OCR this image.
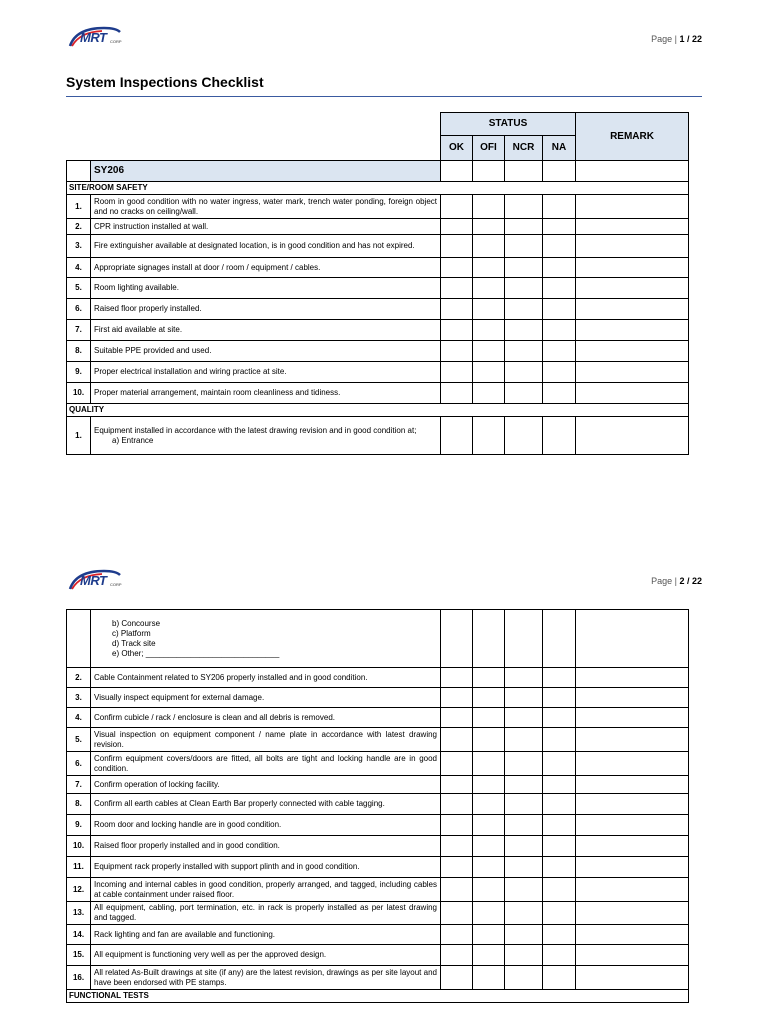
MRT CORP	Page | 1 / 22
System Inspections Checklist
		STATUS				REMARK
		OK	OFI	NCR	NA	
	SY206					
SITE/ROOM SAFETY						
1.	Room in good condition with no water ingress, water mark, trench water ponding, foreign object and no cracks on ceiling/wall.					
2.	CPR instruction installed at wall.					
3.	Fire extinguisher available at designated location, is in good condition and has not expired.					
4.	Appropriate signages install at door / room / equipment / cables.					
5.	Room lighting available.					
6.	Raised floor properly installed.					
7.	First aid available at site.					
8.	Suitable PPE provided and used.					
9.	Proper electrical installation and wiring practice at site.					
10.	Proper material arrangement, maintain room cleanliness and tidiness.					
QUALITY						
1.	Equipment installed in accordance with the latest drawing revision and in good condition at;
a) Entrance					
MRT CORP	Page | 2 / 22

	b) Concourse
c) Platform
d) Track site
e) Other; ______________________________					

2.	Cable Containment related to SY206 properly installed and in good condition.					
3.	Visually inspect equipment for external damage.					
4.	Confirm cubicle / rack / enclosure is clean and all debris is removed.					
5.	Visual inspection on equipment component / name plate in accordance with latest drawing revision.					
6.	Confirm equipment covers/doors are fitted, all bolts are tight and locking handle are in good condition.					
7.	Confirm operation of locking facility.					
8.	Confirm all earth cables at Clean Earth Bar properly connected with cable tagging.					
9.	Room door and locking handle are in good condition.					
10.	Raised floor properly installed and in good condition.					
11.	Equipment rack properly installed with support plinth and in good condition.					
12.	Incoming and internal cables in good condition, properly arranged, and tagged, including cables at cable containment under raised floor.					
13.	All equipment, cabling, port termination, etc. in rack is properly installed as per latest drawing and tagged.					
14.	Rack lighting and fan are available and functioning.					
15.	All equipment is functioning very well as per the approved design.					
16.	All related As-Built drawings at site (if any) are the latest revision, drawings as per site layout and have been endorsed with PE stamps.					
FUNCTIONAL TESTS						
